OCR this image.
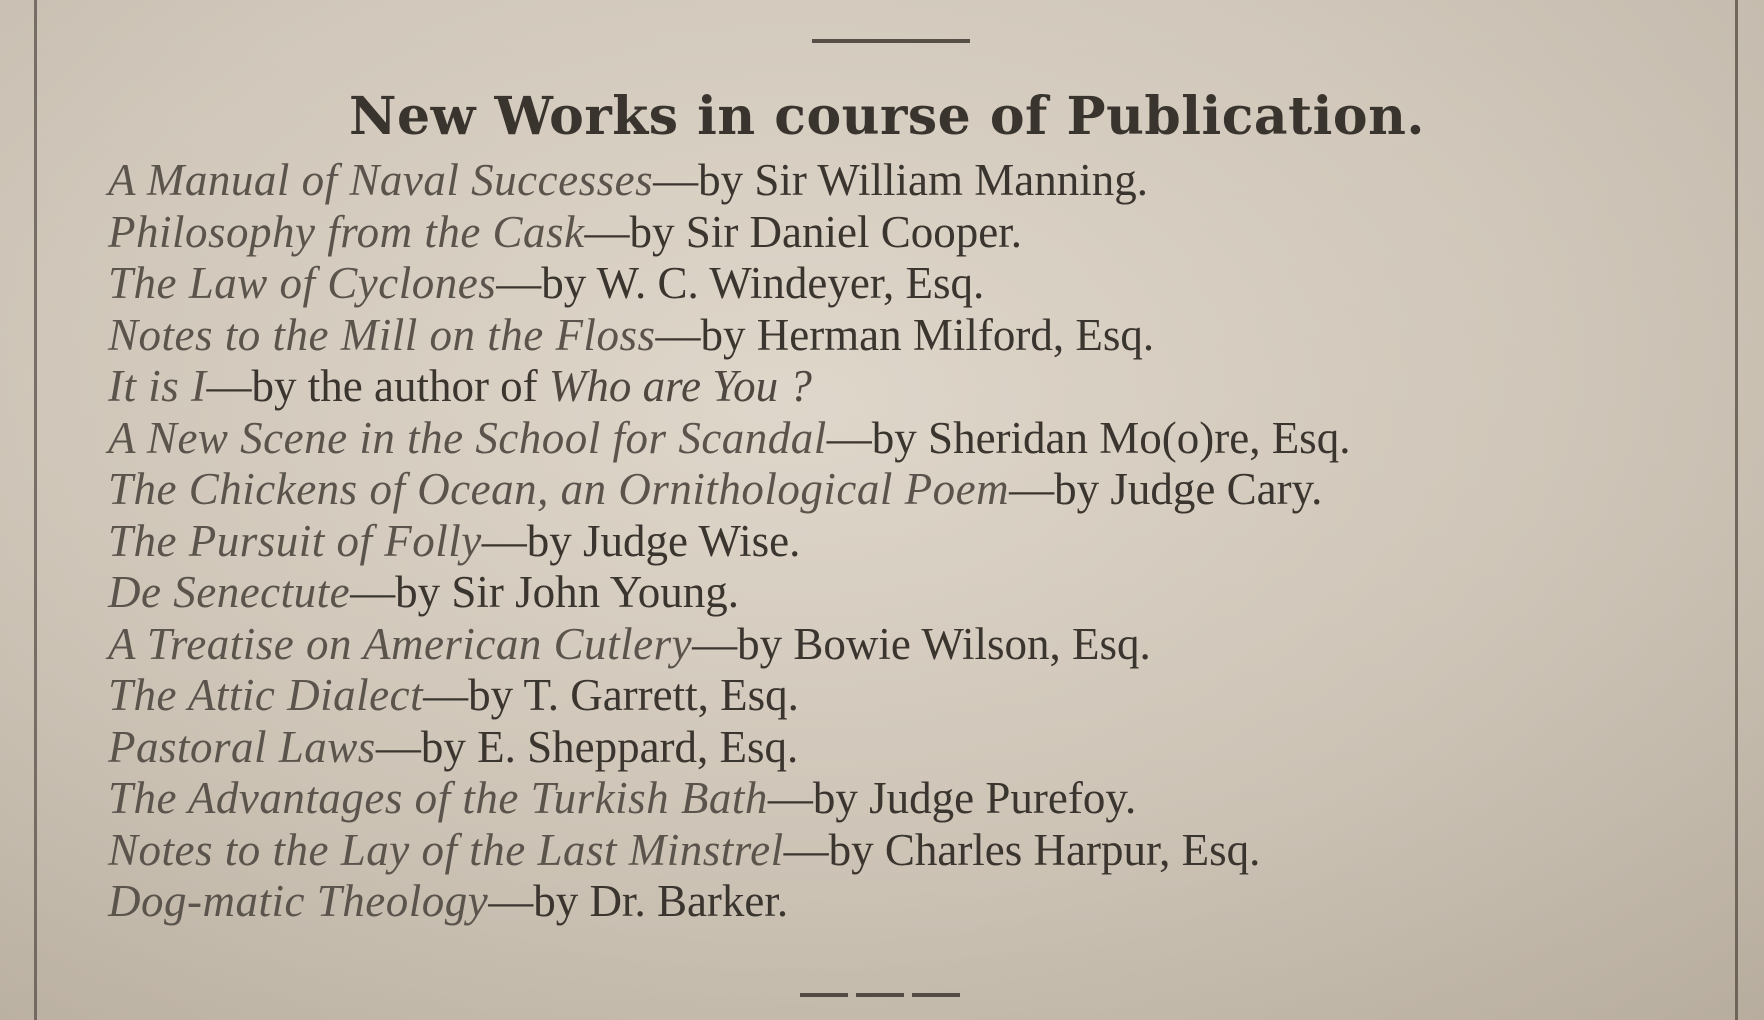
New Works in course of Publication.
A Manual of Naval Successes—by Sir William Manning.
Philosophy from the Cask—by Sir Daniel Cooper.
The Law of Cyclones—by W. C. Windeyer, Esq.
Notes to the Mill on the Floss—by Herman Milford, Esq.
It is I—by the author of Who are You ?
A New Scene in the School for Scandal—by Sheridan Mo(o)re, Esq.
The Chickens of Ocean, an Ornithological Poem—by Judge Cary.
The Pursuit of Folly—by Judge Wise.
De Senectute—by Sir John Young.
A Treatise on American Cutlery—by Bowie Wilson, Esq.
The Attic Dialect—by T. Garrett, Esq.
Pastoral Laws—by E. Sheppard, Esq.
The Advantages of the Turkish Bath—by Judge Purefoy.
Notes to the Lay of the Last Minstrel—by Charles Harpur, Esq.
Dog-matic Theology—by Dr. Barker.
